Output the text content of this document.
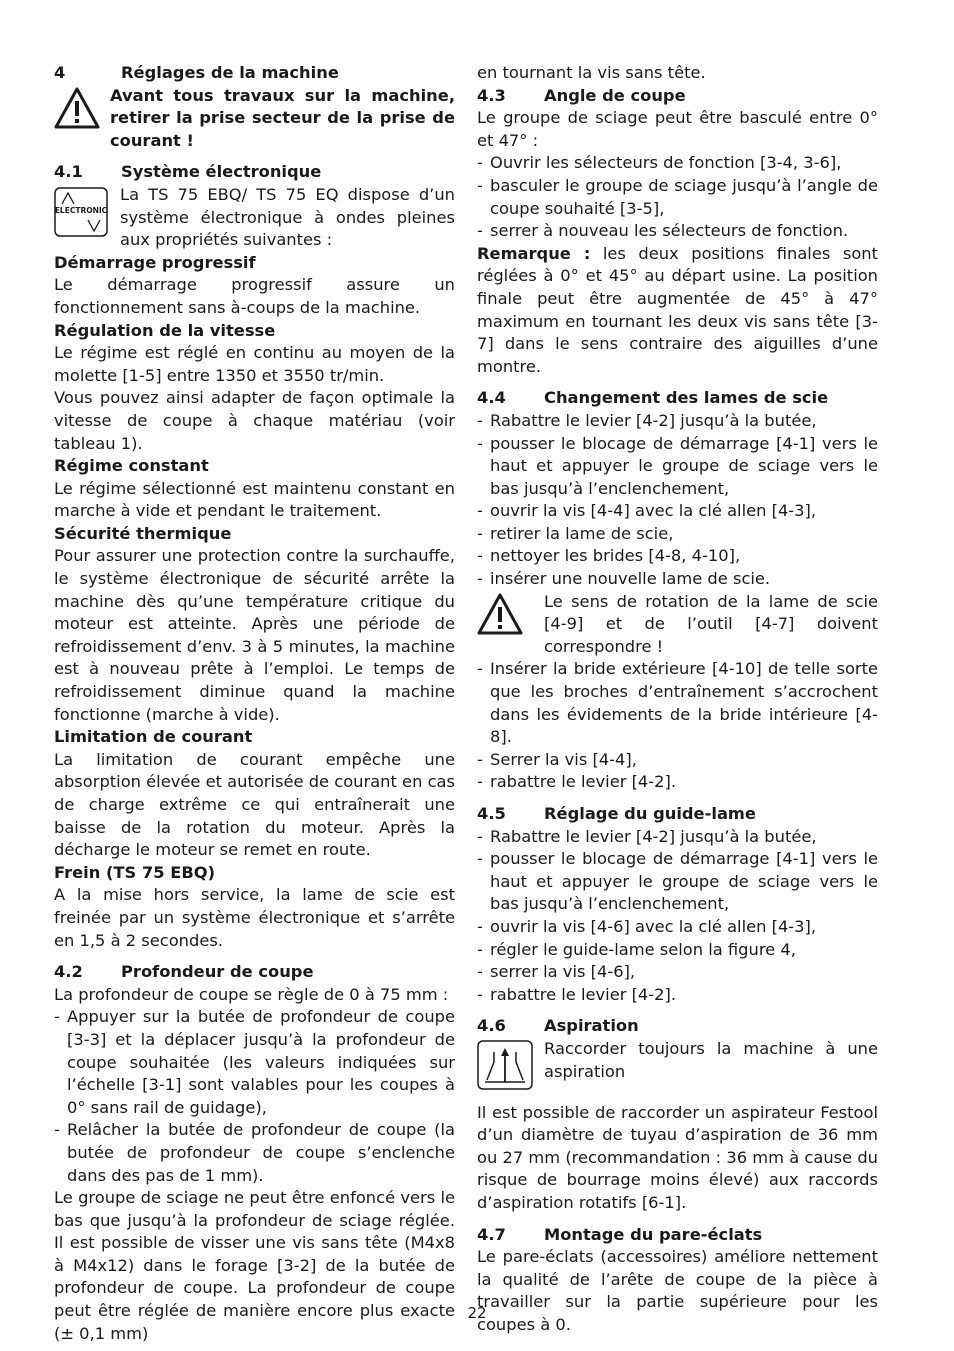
4	Réglages de la machine

Avant tous travaux sur la machine, retirer la prise secteur de la prise de courant !

4.1	Système électronique
ELECTRONIC

La TS 75 EBQ/ TS 75 EQ dispose d’un système électronique à ondes pleines aux propriétés suivantes :

Démarrage progressif

Le démarrage progressif assure un fonctionnement sans à-coups de la machine.

Régulation de la vitesse

Le régime est réglé en continu au moyen de la molette [1-5] entre 1350 et 3550 tr/min.

Vous pouvez ainsi adapter de façon optimale la vitesse de coupe à chaque matériau (voir tableau 1).

Régime constant

Le régime sélectionné est maintenu constant en marche à vide et pendant le traitement.

Sécurité thermique

Pour assurer une protection contre la surchauffe, le système électronique de sécurité arrête la machine dès qu’une température critique du moteur est atteinte. Après une période de refroidissement d’env. 3 à 5 minutes, la machine est à nouveau prête à l’emploi. Le temps de refroidissement diminue quand la machine fonctionne (marche à vide).

Limitation de courant

La limitation de courant empêche une absorption élevée et autorisée de courant en cas de charge extrême ce qui entraînerait une baisse de la rotation du moteur. Après la décharge le moteur se remet en route.

Frein (TS 75 EBQ)

A la mise hors service, la lame de scie est freinée par un système électronique et s’arrête en 1,5 à 2 secondes.

4.2	Profondeur de coupe

La profondeur de coupe se règle de 0 à 75 mm :

- Appuyer sur la butée de profondeur de coupe [3-3] et la déplacer jusqu’à la profondeur de coupe souhaitée (les valeurs indiquées sur l’échelle [3-1] sont valables pour les coupes à 0° sans rail de guidage),
- Relâcher la butée de profondeur de coupe (la butée de profondeur de coupe s’enclenche dans des pas de 1 mm).

Le groupe de sciage ne peut être enfoncé vers le bas que jusqu’à la profondeur de sciage réglée. Il est possible de visser une vis sans tête (M4x8 à M4x12) dans le forage [3-2] de la butée de profondeur de coupe. La profondeur de coupe peut être réglée de manière encore plus exacte (± 0,1 mm)

en tournant la vis sans tête.

4.3	Angle de coupe

Le groupe de sciage peut être basculé entre 0° et 47° :

- Ouvrir les sélecteurs de fonction [3-4, 3-6],
- basculer le groupe de sciage jusqu’à l’angle de coupe souhaité [3-5],
- serrer à nouveau les sélecteurs de fonction.

Remarque : les deux positions finales sont réglées à 0° et 45° au départ usine. La position finale peut être augmentée de 45° à 47° maximum en tournant les deux vis sans tête [3-7] dans le sens contraire des aiguilles d’une montre.

4.4	Changement des lames de scie
- Rabattre le levier [4-2] jusqu’à la butée,
- pousser le blocage de démarrage [4-1] vers le haut et appuyer le groupe de sciage vers le bas jusqu’à l’enclenchement,
- ouvrir la vis [4-4] avec la clé allen [4-3],
- retirer la lame de scie,
- nettoyer les brides [4-8, 4-10],
- insérer une nouvelle lame de scie.

Le sens de rotation de la lame de scie [4-9] et de l’outil [4-7] doivent correspondre !

- Insérer la bride extérieure [4-10] de telle sorte que les broches d’entraînement s’accrochent dans les évidements de la bride intérieure [4-8].
- Serrer la vis [4-4],
- rabattre le levier [4-2].
4.5	Réglage du guide-lame
- Rabattre le levier [4-2] jusqu’à la butée,
- pousser le blocage de démarrage [4-1] vers le haut et appuyer le groupe de sciage vers le bas jusqu’à l’enclenchement,
- ouvrir la vis [4-6] avec la clé allen [4-3],
- régler le guide-lame selon la figure 4,
- serrer la vis [4-6],
- rabattre le levier [4-2].
4.6	Aspiration

Raccorder toujours la machine à une aspiration

Il est possible de raccorder un aspirateur Festool d’un diamètre de tuyau d’aspiration de 36 mm ou 27 mm (recommandation : 36 mm à cause du risque de bourrage moins élevé) aux raccords d’aspiration rotatifs [6-1].

4.7	Montage du pare-éclats

Le pare-éclats (accessoires) améliore nettement la qualité de l’arête de coupe de la pièce à travailler sur la partie supérieure pour les coupes à 0.

22
